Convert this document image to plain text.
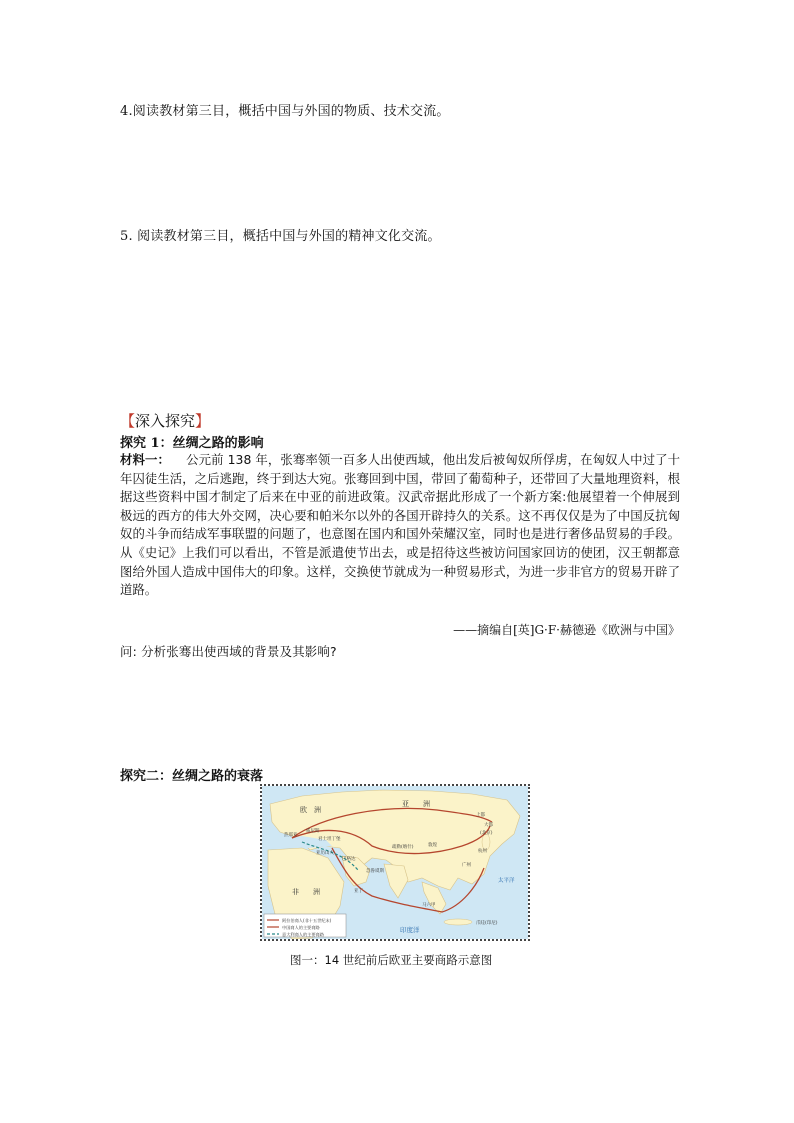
4.阅读教材第三目，概括中国与外国的物质、技术交流。
5. 阅读教材第三目，概括中国与外国的精神文化交流。
【深入探究】
探究 1：丝绸之路的影响
材料一： 公元前 138 年，张骞率领一百多人出使西域，他出发后被匈奴所俘虏，在匈奴人中过了十年囚徒生活，之后逃跑，终于到达大宛。张骞回到中国，带回了葡萄种子，还带回了大量地理资料，根据这些资料中国才制定了后来在中亚的前进政策。汉武帝据此形成了一个新方案:他展望着一个伸展到极远的西方的伟大外交网，决心要和帕米尔以外的各国开辟持久的关系。这不再仅仅是为了中国反抗匈奴的斗争而结成军事联盟的问题了，也意图在国内和国外荣耀汉室，同时也是进行奢侈品贸易的手段。从《史记》上我们可以看出，不管是派遣使节出去，或是招待这些被访问国家回访的使团，汉王朝都意图给外国人造成中国伟大的印象。这样，交换使节就成为一种贸易形式，为进一步非官方的贸易开辟了道路。
——摘编自[英]G·F·赫德逊《欧洲与中国》
问: 分析张骞出使西域的背景及其影响?
探究二：丝绸之路的衰落
亚　　洲
欧　洲
非　　洲
太平洋
印度洋
威尼斯
热那亚
君士坦丁堡
亚历山大
巴格达
亚丁
忽鲁谟斯
疏勒(喀什)	敦煌
上都
大都
(北京)
杭州
广州
马六甲
爪哇(印尼)
阿拉伯商人(非十五世纪末)
中国商人的主要商路
意大利商人的主要商路
图一：14 世纪前后欧亚主要商路示意图
